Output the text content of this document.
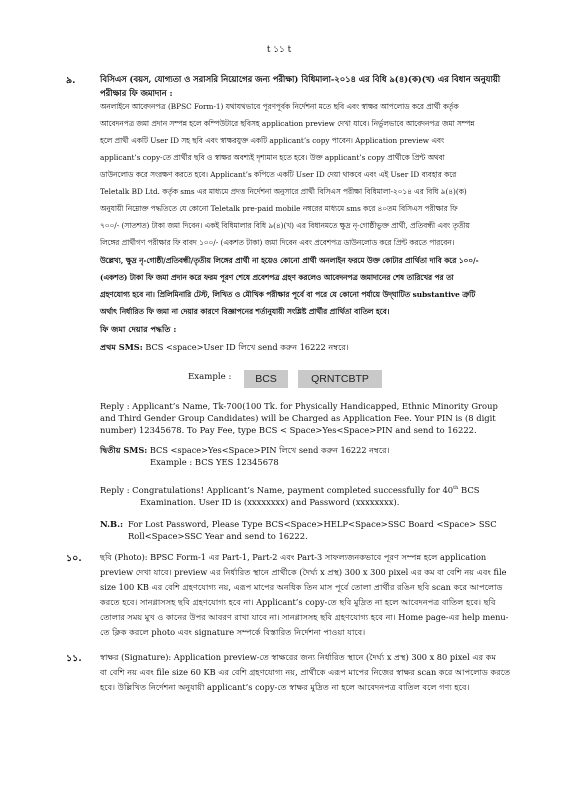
t ১১ t
৯.	বিসিএস (বয়স, যোগ্যতা ও সরাসরি নিয়োগের জন্য পরীক্ষা) বিধিমালা-২০১৪ এর বিধি ৯(৪)(ক)(খ) এর বিধান অনুযায়ী
পরীক্ষার ফি জমাদান :
অনলাইনে আবেদনপত্র (BPSC Form-1) যথাযথভাবে পূরণপূর্বক নির্দেশনা মতে ছবি এবং স্বাক্ষর আপলোড করে প্রার্থী কর্তৃক
আবেদনপত্র জমা প্রদান সম্পন্ন হলে কম্পিউটারে ছবিসহ application preview দেখা যাবে। নির্ভুলভাবে আবেদনপত্র জমা সম্পন্ন
হলে প্রার্থী একটি User ID সহ ছবি এবং স্বাক্ষরযুক্ত একটি applicant’s copy পাবেন। Application preview এবং
applicant’s copy-তে প্রার্থীর ছবি ও স্বাক্ষর অবশ্যই দৃশ্যমান হতে হবে। উক্ত applicant’s copy প্রার্থীকে প্রিন্ট অথবা
ডাউনলোড করে সংরক্ষণ করতে হবে। Applicant’s কপিতে একটি User ID দেয়া থাকবে এবং এই User ID ব্যবহার করে
Teletalk BD Ltd. কর্তৃক sms এর মাধ্যমে প্রদত্ত নির্দেশনা অনুসারে প্রার্থী বিসিএস পরীক্ষা বিধিমালা-২০১৪ এর বিধি ৯(৪)(ক)
অনুযায়ী নিম্নোক্ত পদ্ধতিতে যে কোনো Teletalk pre-paid mobile নম্বরের মাধ্যমে sms করে ৪০তম বিসিএস পরীক্ষার ফি
৭০০/- (সাতশত) টাকা জমা দিবেন। একই বিধিমালার বিধি ৯(৪)(খ) এর বিধানমতে ক্ষুদ্র নৃ-গোষ্ঠীভুক্ত প্রার্থী, প্রতিবন্ধী এবং তৃতীয়
লিঙ্গের প্রার্থীগণ পরীক্ষার ফি বাবদ ১০০/- (একশত টাকা) জমা দিবেন এবং প্রবেশপত্র ডাউনলোড করে প্রিন্ট করতে পারবেন।
উল্লেখ্য, ক্ষুদ্র নৃ-গোষ্ঠী/প্রতিবন্ধী/তৃতীয় লিঙ্গের প্রার্থী না হয়েও কোনো প্রার্থী অনলাইন ফরমে উক্ত কোটার প্রার্থিতা দাবি করে ১০০/-
(একশত) টাকা ফি জমা প্রদান করে ফরম পূরণ শেষে প্রবেশপত্র গ্রহণ করলেও আবেদনপত্র জমাদানের শেষ তারিখের পর তা
গ্রহণযোগ্য হবে না। প্রিলিমিনারি টেস্ট, লিখিত ও মৌখিক পরীক্ষার পূর্বে বা পরে যে কোনো পর্যায়ে উদ্‌ঘাটিত substantive ত্রুটি
অর্থাৎ নির্ধারিত ফি জমা না দেয়ার কারণে বিজ্ঞাপনের শর্তানুযায়ী সংশ্লিষ্ট প্রার্থীর প্রার্থিতা বাতিল হবে।
ফি জমা দেয়ার পদ্ধতি :
প্রথম SMS: BCS <space>User ID লিখে send করুন 16222 নম্বরে।
Example :	BCS	QRNTCBTP
Reply : Applicant’s Name, Tk-700(100 Tk. for Physically Handicapped, Ethnic Minority Group
and Third Gender Group Candidates) will be Charged as Application Fee. Your PIN is (8 digit
number) 12345678. To Pay Fee, type BCS < Space>Yes<Space>PIN and send to 16222.
দ্বিতীয় SMS: BCS <space>Yes<Space>PIN লিখে send করুন 16222 নম্বরে।
Example : BCS YES 12345678
Reply : Congratulations! Applicant’s Name, payment completed successfully for 40th BCS
Examination. User ID is (xxxxxxxx) and Password (xxxxxxxx).
N.B.: For Lost Password, Please Type BCS<Space>HELP<Space>SSC Board <Space> SSC
Roll<Space>SSC Year and send to 16222.
১০. ছবি (Photo): BPSC Form-1 এর Part-1, Part-2 এবং Part-3 সাফল্যজনকভাবে পূরণ সম্পন্ন হলে application
preview দেখা যাবে। preview এর নির্ধারিত স্থানে প্রার্থীকে (দৈর্ঘ্য x প্রস্থ) 300 x 300 pixel এর কম বা বেশি নয় এবং file
size 100 KB এর বেশি গ্রহণযোগ্য নয়, এরূপ মাপের অনধিক তিন মাস পূর্বে তোলা প্রার্থীর রঙিন ছবি scan করে আপলোড
করতে হবে। সানগ্লাসসহ ছবি গ্রহণযোগ্য হবে না। Applicant’s copy-তে ছবি মুদ্রিত না হলে আবেদনপত্র বাতিল হবে। ছবি
তোলার সময় মুখ ও কানের উপর আবরণ রাখা যাবে না। সানগ্লাসসহ ছবি গ্রহণযোগ্য হবে না। Home page-এর help menu-
তে ক্লিক করলে photo এবং signature সম্পর্কে বিস্তারিত নির্দেশনা পাওয়া যাবে।
১১. স্বাক্ষর (Signature): Application preview-তে স্বাক্ষরের জন্য নির্ধারিত স্থানে (দৈর্ঘ্য x প্রস্থ) 300 x 80 pixel এর কম
বা বেশি নয় এবং file size 60 KB এর বেশি গ্রহণযোগ্য নয়, প্রার্থীকে এরূপ মাপের নিজের স্বাক্ষর scan করে আপলোড করতে
হবে। উল্লিখিত নির্দেশনা অনুযায়ী applicant’s copy-তে স্বাক্ষর মুদ্রিত না হলে আবেদনপত্র বাতিল বলে গণ্য হবে।
